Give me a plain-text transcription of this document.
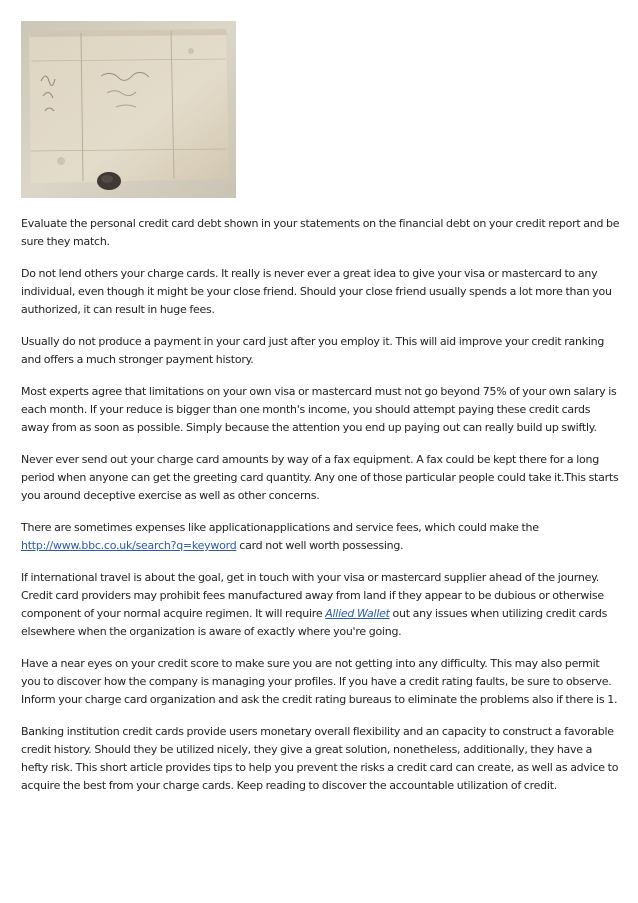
Evaluate the personal credit card debt shown in your statements on the financial debt on your credit report and be sure they match.

Do not lend others your charge cards. It really is never ever a great idea to give your visa or mastercard to any individual, even though it might be your close friend. Should your close friend usually spends a lot more than you authorized, it can result in huge fees.

Usually do not produce a payment in your card just after you employ it. This will aid improve your credit ranking and offers a much stronger payment history.

Most experts agree that limitations on your own visa or mastercard must not go beyond 75% of your own salary is each month. If your reduce is bigger than one month's income, you should attempt paying these credit cards away from as soon as possible. Simply because the attention you end up paying out can really build up swiftly.

Never ever send out your charge card amounts by way of a fax equipment. A fax could be kept there for a long period when anyone can get the greeting card quantity. Any one of those particular people could take it.This starts you around deceptive exercise as well as other concerns.

There are sometimes expenses like applicationapplications and service fees, which could make the http://www.bbc.co.uk/search?q=keyword card not well worth possessing.

If international travel is about the goal, get in touch with your visa or mastercard supplier ahead of the journey. Credit card providers may prohibit fees manufactured away from land if they appear to be dubious or otherwise component of your normal acquire regimen. It will require Allied Wallet out any issues when utilizing credit cards elsewhere when the organization is aware of exactly where you're going.

Have a near eyes on your credit score to make sure you are not getting into any difficulty. This may also permit you to discover how the company is managing your profiles. If you have a credit rating faults, be sure to observe. Inform your charge card organization and ask the credit rating bureaus to eliminate the problems also if there is 1.

Banking institution credit cards provide users monetary overall flexibility and an capacity to construct a favorable credit history. Should they be utilized nicely, they give a great solution, nonetheless, additionally, they have a hefty risk. This short article provides tips to help you prevent the risks a credit card can create, as well as advice to acquire the best from your charge cards. Keep reading to discover the accountable utilization of credit.
